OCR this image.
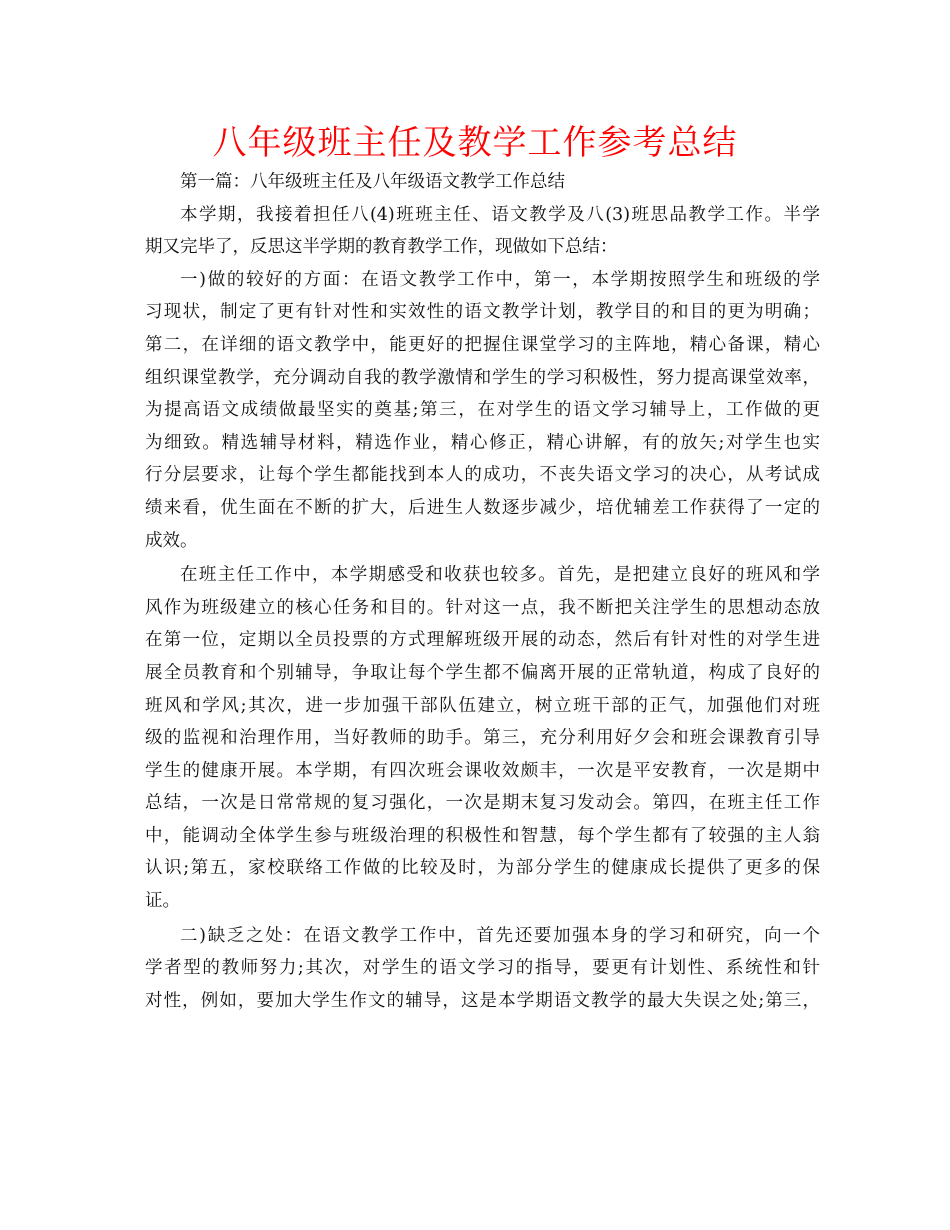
八年级班主任及教学工作参考总结
第一篇：八年级班主任及八年级语文教学工作总结
本学期，我接着担任八(4)班班主任、语文教学及八(3)班思品教学工作。半学
期又完毕了，反思这半学期的教育教学工作，现做如下总结：
一)做的较好的方面：在语文教学工作中，第一，本学期按照学生和班级的学
习现状，制定了更有针对性和实效性的语文教学计划，教学目的和目的更为明确；
第二，在详细的语文教学中，能更好的把握住课堂学习的主阵地，精心备课，精心
组织课堂教学，充分调动自我的教学激情和学生的学习积极性，努力提高课堂效率，
为提高语文成绩做最坚实的奠基;第三，在对学生的语文学习辅导上，工作做的更
为细致。精选辅导材料，精选作业，精心修正，精心讲解，有的放矢;对学生也实
行分层要求，让每个学生都能找到本人的成功，不丧失语文学习的决心，从考试成
绩来看，优生面在不断的扩大，后进生人数逐步减少，培优辅差工作获得了一定的
成效。
在班主任工作中，本学期感受和收获也较多。首先，是把建立良好的班风和学
风作为班级建立的核心任务和目的。针对这一点，我不断把关注学生的思想动态放
在第一位，定期以全员投票的方式理解班级开展的动态，然后有针对性的对学生进
展全员教育和个别辅导，争取让每个学生都不偏离开展的正常轨道，构成了良好的
班风和学风;其次，进一步加强干部队伍建立，树立班干部的正气，加强他们对班
级的监视和治理作用，当好教师的助手。第三，充分利用好夕会和班会课教育引导
学生的健康开展。本学期，有四次班会课收效颇丰，一次是平安教育，一次是期中
总结，一次是日常常规的复习强化，一次是期末复习发动会。第四，在班主任工作
中，能调动全体学生参与班级治理的积极性和智慧，每个学生都有了较强的主人翁
认识;第五，家校联络工作做的比较及时，为部分学生的健康成长提供了更多的保
证。
二)缺乏之处：在语文教学工作中，首先还要加强本身的学习和研究，向一个
学者型的教师努力;其次，对学生的语文学习的指导，要更有计划性、系统性和针
对性，例如，要加大学生作文的辅导，这是本学期语文教学的最大失误之处;第三，
